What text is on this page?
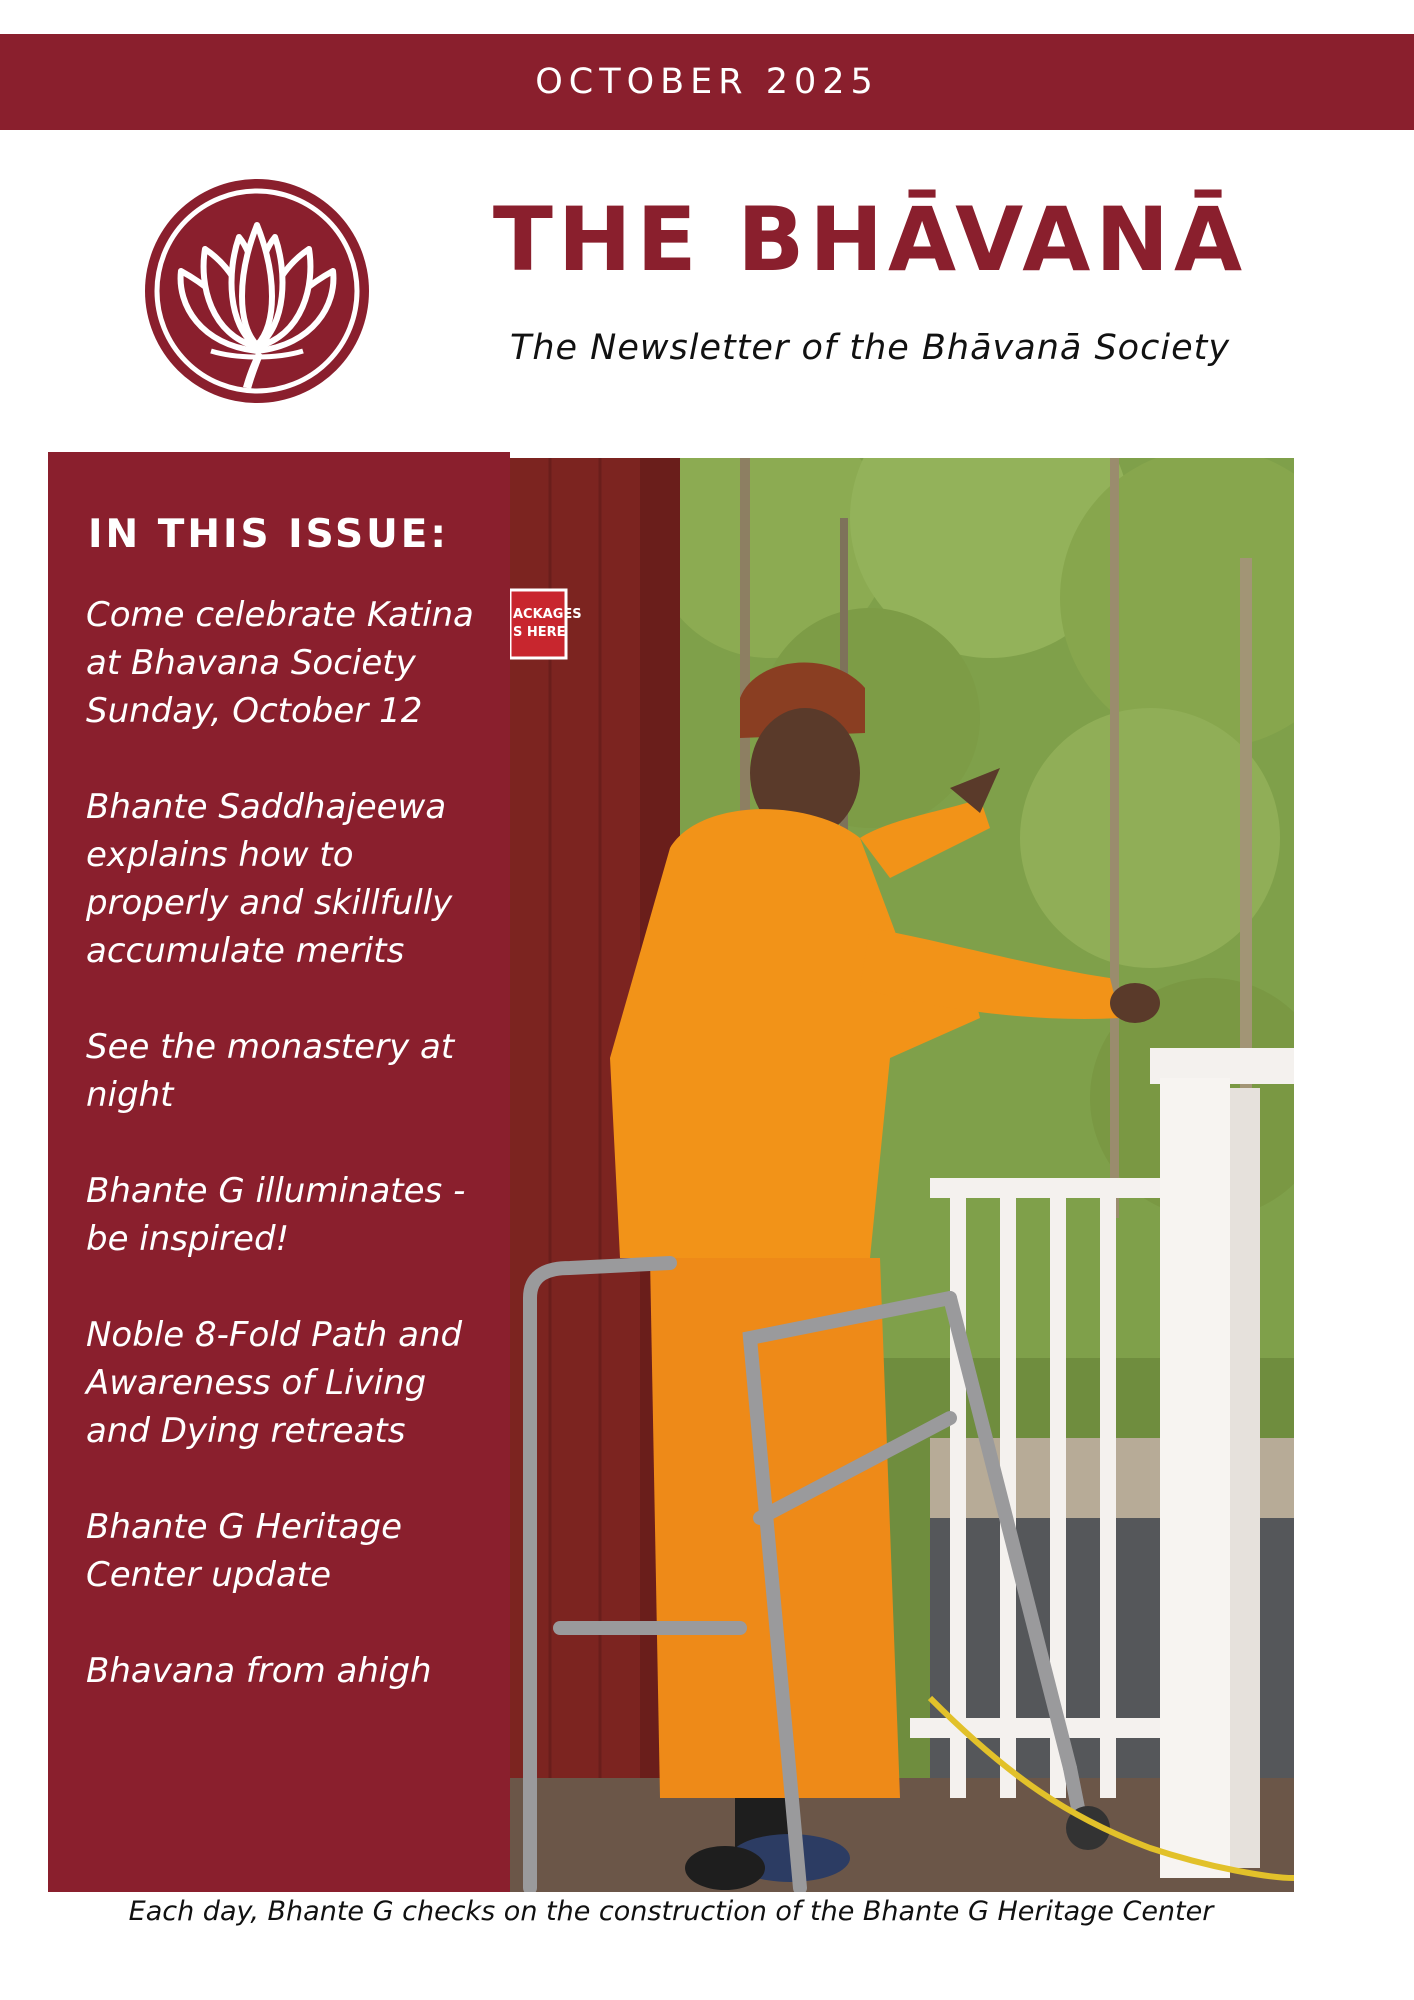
OCTOBER 2025
THE BHĀVANĀ
The Newsletter of the Bhāvanā Society
IN THIS ISSUE:
Come celebrate Katina at Bhavana Society Sunday, October 12
Bhante Saddhajeewa explains how to properly and skillfully accumulate merits
See the monastery at night
Bhante G illuminates - be inspired!
Noble 8-Fold Path and Awareness of Living and Dying retreats
Bhante G Heritage Center update
Bhavana from ahigh
ACKAGES
S HERE
Each day, Bhante G checks on the construction of the Bhante G Heritage Center
